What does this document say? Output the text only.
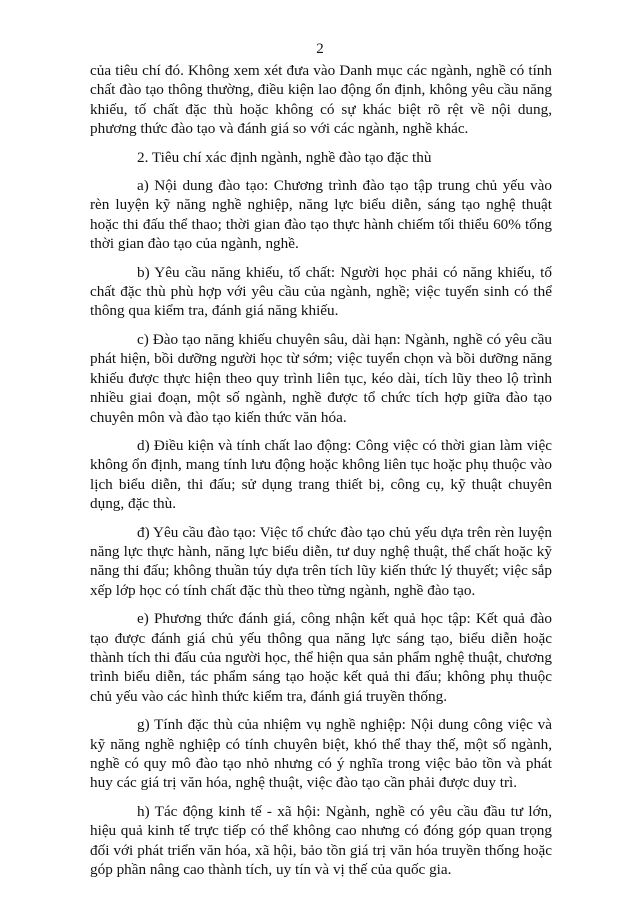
2

của tiêu chí đó. Không xem xét đưa vào Danh mục các ngành, nghề có tính chất đào tạo thông thường, điều kiện lao động ổn định, không yêu cầu năng khiếu, tố chất đặc thù hoặc không có sự khác biệt rõ rệt về nội dung, phương thức đào tạo và đánh giá so với các ngành, nghề khác.

2. Tiêu chí xác định ngành, nghề đào tạo đặc thù

a) Nội dung đào tạo: Chương trình đào tạo tập trung chủ yếu vào rèn luyện kỹ năng nghề nghiệp, năng lực biểu diễn, sáng tạo nghệ thuật hoặc thi đấu thể thao; thời gian đào tạo thực hành chiếm tối thiểu 60% tổng thời gian đào tạo của ngành, nghề.

b) Yêu cầu năng khiếu, tố chất: Người học phải có năng khiếu, tố chất đặc thù phù hợp với yêu cầu của ngành, nghề; việc tuyển sinh có thể thông qua kiểm tra, đánh giá năng khiếu.

c) Đào tạo năng khiếu chuyên sâu, dài hạn: Ngành, nghề có yêu cầu phát hiện, bồi dưỡng người học từ sớm; việc tuyển chọn và bồi dưỡng năng khiếu được thực hiện theo quy trình liên tục, kéo dài, tích lũy theo lộ trình nhiều giai đoạn, một số ngành, nghề được tổ chức tích hợp giữa đào tạo chuyên môn và đào tạo kiến thức văn hóa.

d) Điều kiện và tính chất lao động: Công việc có thời gian làm việc không ổn định, mang tính lưu động hoặc không liên tục hoặc phụ thuộc vào lịch biểu diễn, thi đấu; sử dụng trang thiết bị, công cụ, kỹ thuật chuyên dụng, đặc thù.

đ) Yêu cầu đào tạo: Việc tổ chức đào tạo chủ yếu dựa trên rèn luyện năng lực thực hành, năng lực biểu diễn, tư duy nghệ thuật, thể chất hoặc kỹ năng thi đấu; không thuần túy dựa trên tích lũy kiến thức lý thuyết; việc sắp xếp lớp học có tính chất đặc thù theo từng ngành, nghề đào tạo.

e) Phương thức đánh giá, công nhận kết quả học tập: Kết quả đào tạo được đánh giá chủ yếu thông qua năng lực sáng tạo, biểu diễn hoặc thành tích thi đấu của người học, thể hiện qua sản phẩm nghệ thuật, chương trình biểu diễn, tác phẩm sáng tạo hoặc kết quả thi đấu; không phụ thuộc chủ yếu vào các hình thức kiểm tra, đánh giá truyền thống.

g) Tính đặc thù của nhiệm vụ nghề nghiệp: Nội dung công việc và kỹ năng nghề nghiệp có tính chuyên biệt, khó thể thay thế, một số ngành, nghề có quy mô đào tạo nhỏ nhưng có ý nghĩa trong việc bảo tồn và phát huy các giá trị văn hóa, nghệ thuật, việc đào tạo cần phải được duy trì.

h) Tác động kinh tế - xã hội: Ngành, nghề có yêu cầu đầu tư lớn, hiệu quả kinh tế trực tiếp có thể không cao nhưng có đóng góp quan trọng đối với phát triển văn hóa, xã hội, bảo tồn giá trị văn hóa truyền thống hoặc góp phần nâng cao thành tích, uy tín và vị thế của quốc gia.
